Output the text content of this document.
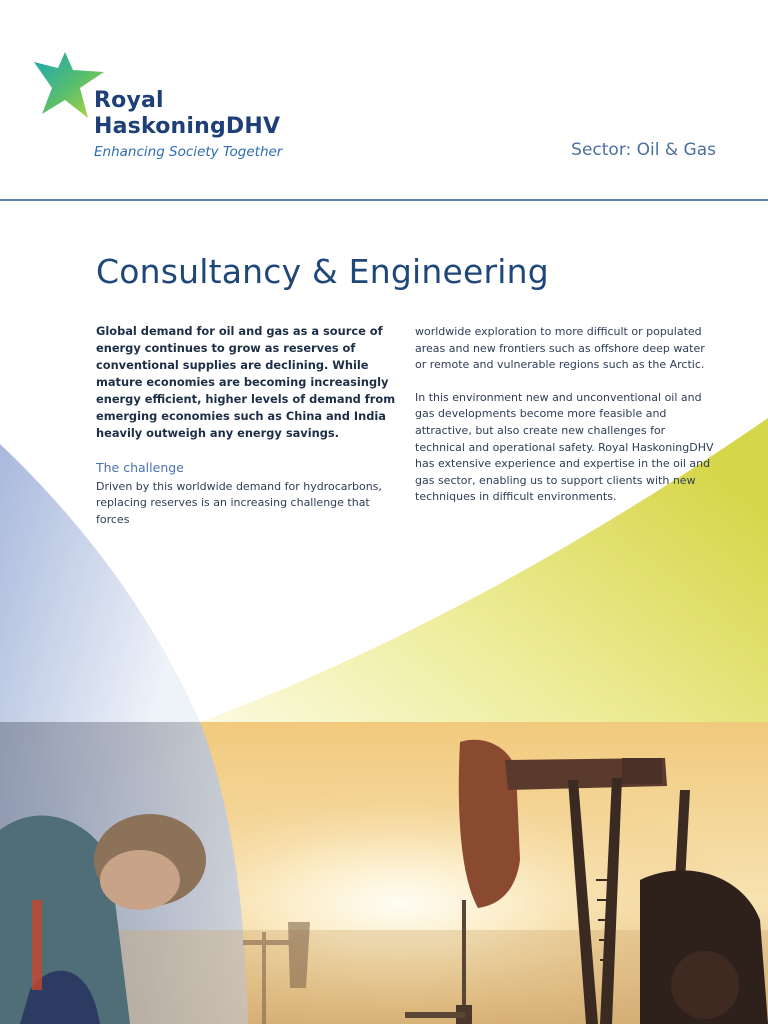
Royal
HaskoningDHV
Enhancing Society Together	Sector: Oil & Gas
Consultancy & Engineering

Global demand for oil and gas as a source of energy continues to grow as reserves of conventional supplies are declining. While mature economies are becoming increasingly energy efficient, higher levels of demand from emerging economies such as China and India heavily outweigh any energy savings.

The challenge

Driven by this worldwide demand for hydrocarbons, replacing reserves is an increasing challenge that forces

worldwide exploration to more difficult or populated areas and new frontiers such as offshore deep water or remote and vulnerable regions such as the Arctic.

In this environment new and unconventional oil and gas developments become more feasible and attractive, but also create new challenges for technical and operational safety. Royal HaskoningDHV has extensive experience and expertise in the oil and gas sector, enabling us to support clients with new techniques in difficult environments.
